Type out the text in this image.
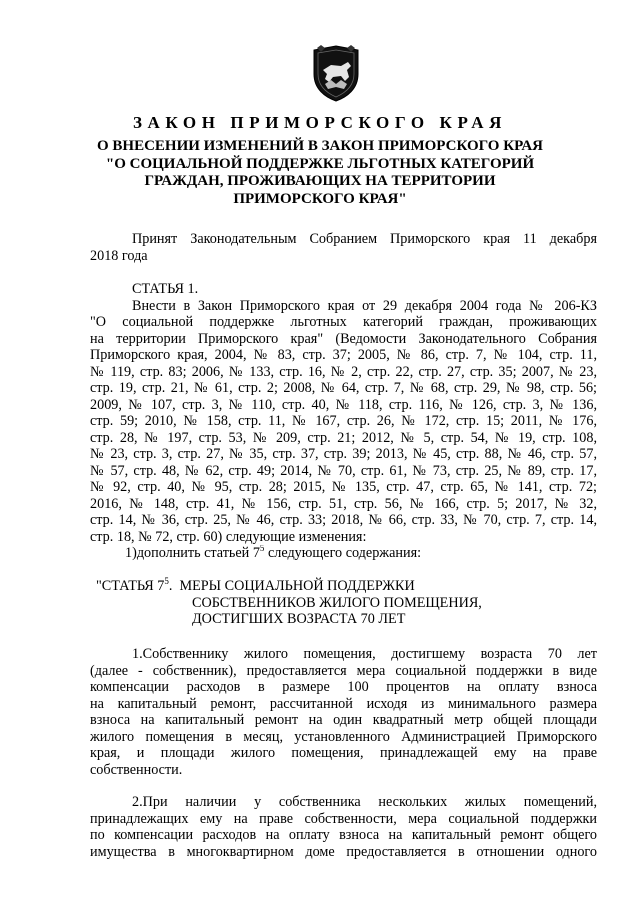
ЗАКОН ПРИМОРСКОГО КРАЯ
О ВНЕСЕНИИ ИЗМЕНЕНИЙ В ЗАКОН ПРИМОРСКОГО КРАЯ
"О СОЦИАЛЬНОЙ ПОДДЕРЖКЕ ЛЬГОТНЫХ КАТЕГОРИЙ
ГРАЖДАН, ПРОЖИВАЮЩИХ НА ТЕРРИТОРИИ
ПРИМОРСКОГО КРАЯ"
Принят Законодательным Собранием Приморского края 11 декабря
2018 года
СТАТЬЯ 1.
Внести в Закон Приморского края от 29 декабря 2004 года № 206-КЗ
"О социальной поддержке льготных категорий граждан, проживающих
на территории Приморского края" (Ведомости Законодательного Собрания
Приморского края, 2004, № 83, стр. 37; 2005, № 86, стр. 7, № 104, стр. 11,
№ 119, стр. 83; 2006, № 133, стр. 16, № 2, стр. 22, стр. 27, стр. 35; 2007, № 23,
стр. 19, стр. 21, № 61, стр. 2; 2008, № 64, стр. 7, № 68, стр. 29, № 98, стр. 56;
2009, № 107, стр. 3, № 110, стр. 40, № 118, стр. 116, № 126, стр. 3, № 136,
стр. 59; 2010, № 158, стр. 11, № 167, стр. 26, № 172, стр. 15; 2011, № 176,
стр. 28, № 197, стр. 53, № 209, стр. 21; 2012, № 5, стр. 54, № 19, стр. 108,
№ 23, стр. 3, стр. 27, № 35, стр. 37, стр. 39; 2013, № 45, стр. 88, № 46, стр. 57,
№ 57, стр. 48, № 62, стр. 49; 2014, № 70, стр. 61, № 73, стр. 25, № 89, стр. 17,
№ 92, стр. 40, № 95, стр. 28; 2015, № 135, стр. 47, стр. 65, № 141, стр. 72;
2016, № 148, стр. 41, № 156, стр. 51, стр. 56, № 166, стр. 5; 2017, № 32,
стр. 14, № 36, стр. 25, № 46, стр. 33; 2018, № 66, стр. 33, № 70, стр. 7, стр. 14,
стр. 18, № 72, стр. 60) следующие изменения:
1)дополнить статьей $7^5$ следующего содержания:
"СТАТЬЯ $7^5$. МЕРЫ СОЦИАЛЬНОЙ ПОДДЕРЖКИ
СОБСТВЕННИКОВ ЖИЛОГО ПОМЕЩЕНИЯ,
ДОСТИГШИХ ВОЗРАСТА 70 ЛЕТ
1.Собственнику жилого помещения, достигшему возраста 70 лет
(далее - собственник), предоставляется мера социальной поддержки в виде
компенсации расходов в размере 100 процентов на оплату взноса
на капитальный ремонт, рассчитанной исходя из минимального размера
взноса на капитальный ремонт на один квадратный метр общей площади
жилого помещения в месяц, установленного Администрацией Приморского
края, и площади жилого помещения, принадлежащей ему на праве
собственности.
2.При наличии у собственника нескольких жилых помещений,
принадлежащих ему на праве собственности, мера социальной поддержки
по компенсации расходов на оплату взноса на капитальный ремонт общего
имущества в многоквартирном доме предоставляется в отношении одного
